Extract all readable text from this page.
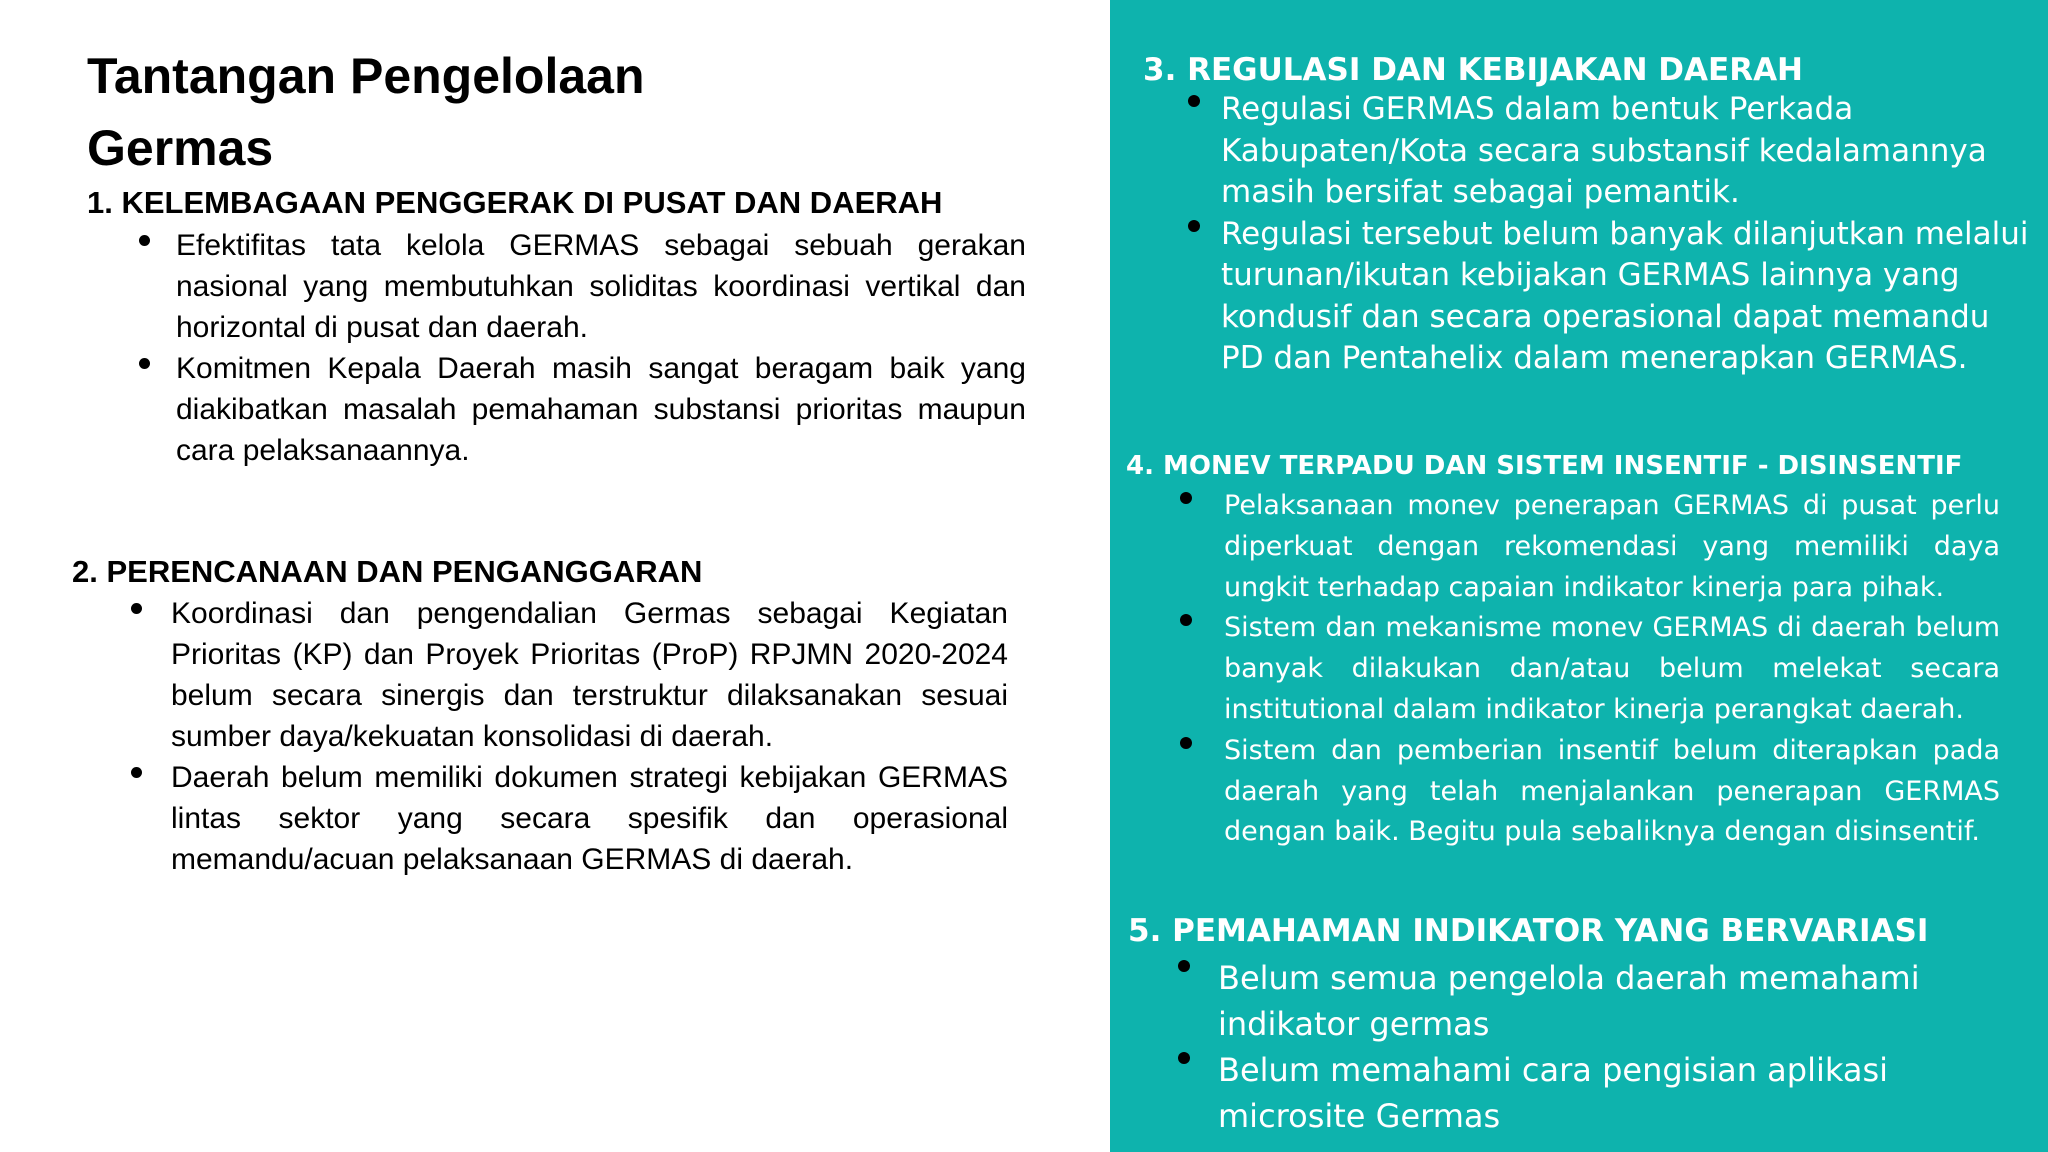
Tantangan Pengelolaan Germas
1. KELEMBAGAAN PENGGERAK DI PUSAT DAN DAERAH
Efektifitas tata kelola GERMAS sebagai sebuah gerakan nasional yang membutuhkan soliditas koordinasi vertikal dan horizontal di pusat dan daerah.
Komitmen Kepala Daerah masih sangat beragam baik yang diakibatkan masalah pemahaman substansi prioritas maupun cara pelaksanaannya.
2. PERENCANAAN DAN PENGANGGARAN
Koordinasi dan pengendalian Germas sebagai Kegiatan Prioritas (KP) dan Proyek Prioritas (ProP) RPJMN 2020-2024 belum secara sinergis dan terstruktur dilaksanakan sesuai sumber daya/kekuatan konsolidasi di daerah.
Daerah belum memiliki dokumen strategi kebijakan GERMAS lintas sektor yang secara spesifik dan operasional memandu/acuan pelaksanaan GERMAS di daerah.
3. REGULASI DAN KEBIJAKAN DAERAH
Regulasi GERMAS dalam bentuk Perkada Kabupaten/Kota secara substansif kedalamannya masih bersifat sebagai pemantik.
Regulasi tersebut belum banyak dilanjutkan melalui turunan/ikutan kebijakan GERMAS lainnya yang kondusif dan secara operasional dapat memandu PD dan Pentahelix dalam menerapkan GERMAS.
4. MONEV TERPADU DAN SISTEM INSENTIF - DISINSENTIF
Pelaksanaan monev penerapan GERMAS di pusat perlu diperkuat dengan rekomendasi yang memiliki daya ungkit terhadap capaian indikator kinerja para pihak.
Sistem dan mekanisme monev GERMAS di daerah belum banyak dilakukan dan/atau belum melekat secara institutional dalam indikator kinerja perangkat daerah.
Sistem dan pemberian insentif belum diterapkan pada daerah yang telah menjalankan penerapan GERMAS dengan baik. Begitu pula sebaliknya dengan disinsentif.
5. PEMAHAMAN INDIKATOR YANG BERVARIASI
Belum semua pengelola daerah memahami indikator germas
Belum memahami cara pengisian aplikasi microsite Germas
